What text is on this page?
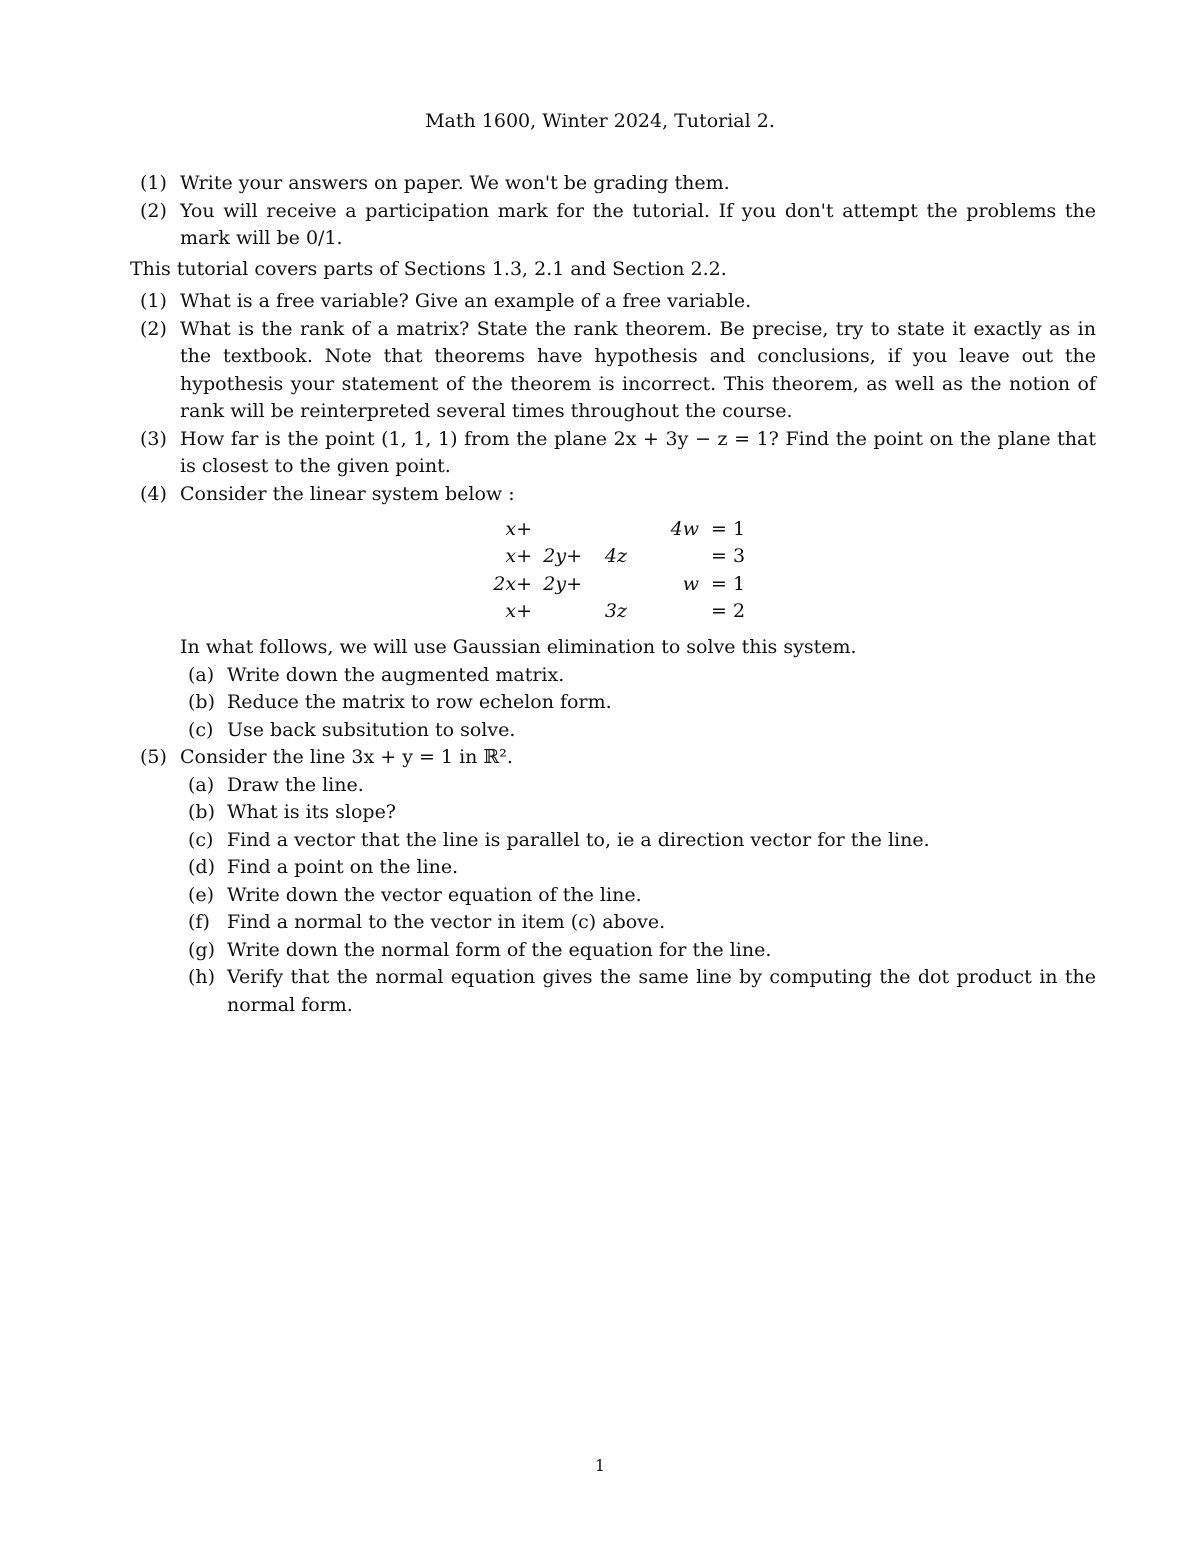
Math 1600, Winter 2024, Tutorial 2.
(1) Write your answers on paper. We won't be grading them.
(2) You will receive a participation mark for the tutorial. If you don't attempt the problems the mark will be 0/1.
This tutorial covers parts of Sections 1.3, 2.1 and Section 2.2.
(1) What is a free variable? Give an example of a free variable.
(2) What is the rank of a matrix? State the rank theorem. Be precise, try to state it exactly as in the textbook. Note that theorems have hypothesis and conclusions, if you leave out the hypothesis your statement of the theorem is incorrect. This theorem, as well as the notion of rank will be reinterpreted several times throughout the course.
(3) How far is the point (1, 1, 1) from the plane 2x + 3y − z = 1? Find the point on the plane that is closest to the given point.
(4) Consider the linear system below :
x+			4w	= 1
x+	2y+	4z		= 3
2x+	2y+		w	= 1
x+		3z		= 2
In what follows, we will use Gaussian elimination to solve this system.
(a) Write down the augmented matrix.
(b) Reduce the matrix to row echelon form.
(c) Use back subsitution to solve.
(5) Consider the line 3x + y = 1 in ℝ².
(a) Draw the line.
(b) What is its slope?
(c) Find a vector that the line is parallel to, ie a direction vector for the line.
(d) Find a point on the line.
(e) Write down the vector equation of the line.
(f) Find a normal to the vector in item (c) above.
(g) Write down the normal form of the equation for the line.
(h) Verify that the normal equation gives the same line by computing the dot product in the normal form.
1
